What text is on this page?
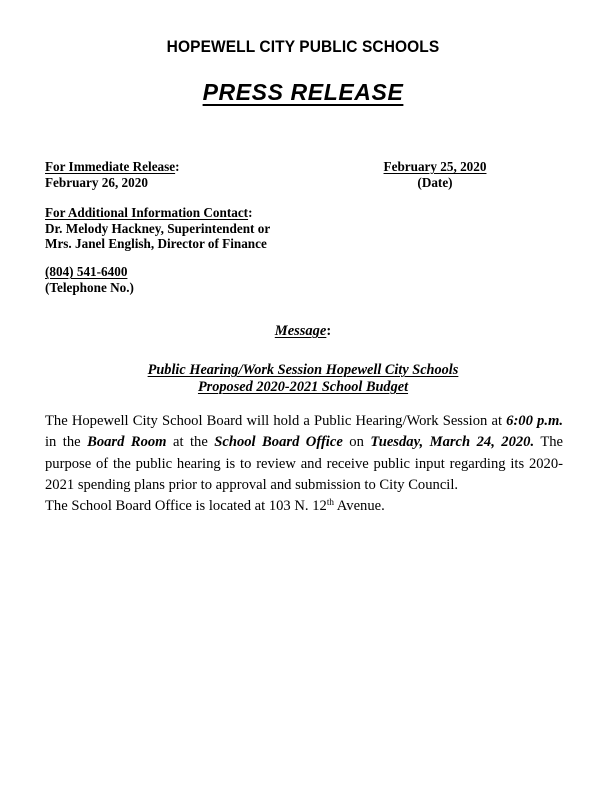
HOPEWELL CITY PUBLIC SCHOOLS
PRESS RELEASE
For Immediate Release:
February 26, 2020
February 25, 2020
(Date)
For Additional Information Contact:
Dr. Melody Hackney, Superintendent or
Mrs. Janel English, Director of Finance
(804) 541-6400
(Telephone No.)
Message:
Public Hearing/Work Session Hopewell City Schools
Proposed 2020-2021 School Budget
The Hopewell City School Board will hold a Public Hearing/Work Session at 6:00 p.m. in the Board Room at the School Board Office on Tuesday, March 24, 2020. The purpose of the public hearing is to review and receive public input regarding its 2020-2021 spending plans prior to approval and submission to City Council.
The School Board Office is located at 103 N. 12th Avenue.
